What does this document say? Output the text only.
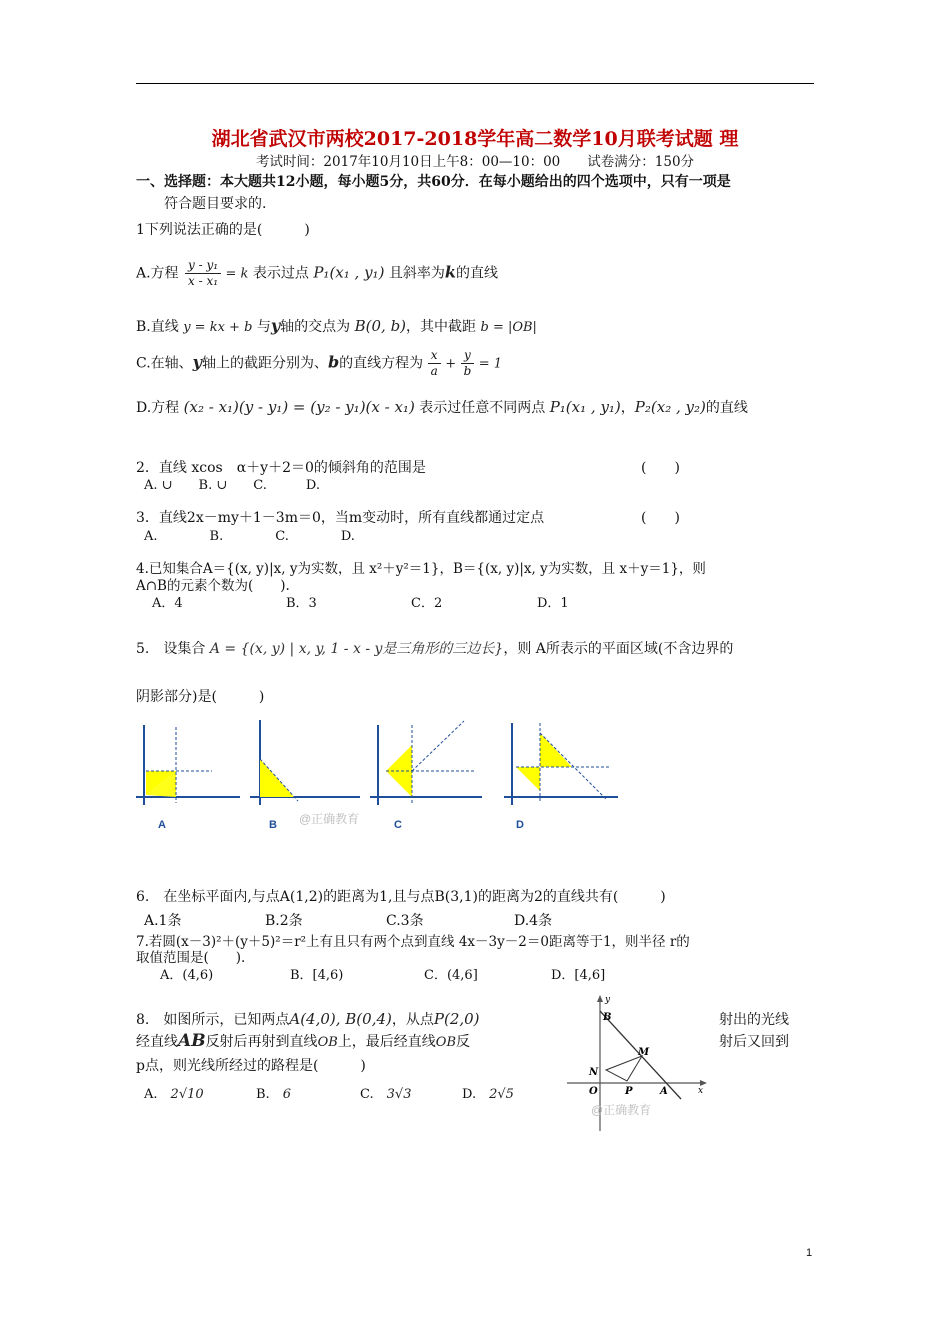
湖北省武汉市两校2017-2018学年高二数学10月联考试题 理
考试时间：2017年10月10日上午8：00—10：00　　试卷满分：150分
一、选择题：本大题共12小题，每小题5分，共60分．在每小题给出的四个选项中，只有一项是
符合题目要求的.
1下列说法正确的是(　　　)
A.方程 $\frac{\text{y - y₁}}{\text{x - x₁}} = k$ 表示过点 P₁(x₁ , y₁) 且斜率为k的直线
B.直线 y = kx + b 与y轴的交点为 B(0, b)，其中截距 b = |OB|
C.在轴、y轴上的截距分别为、b的直线方程为 $\frac{x}{a} + \frac{y}{b} = 1$
D.方程 (x₂ - x₁)(y - y₁) = (y₂ - y₁)(x - x₁) 表示过任意不同两点 P₁(x₁ , y₁)，P₂(x₂ , y₂)的直线
2．直线 xcos　α＋y＋2＝0的倾斜角的范围是	(　　)
A. ∪　　B. ∪　　C.　　　D.
3．直线2x－my＋1－3m＝0，当m变动时，所有直线都通过定点	(　　)
A.　　　　B.　　　　C.　　　　D.
4.已知集合A＝{(x, y)|x, y为实数，且 x²＋y²＝1}，B＝{(x, y)|x, y为实数，且 x＋y＝1}，则
A∩B的元素个数为(　　).
A．4	B．3	C．2	D．1
5.　设集合 A = {(x, y) | x, y, 1 - x - y是三角形的三边长}，则 A所表示的平面区域(不含边界的
阴影部分)是(　　　)
A	B @正确教育	C	D
6.　在坐标平面内,与点A(1,2)的距离为1,且与点B(3,1)的距离为2的直线共有(　　　)
A.1条	B.2条	C.3条	D.4条
7.若圆(x－3)²＋(y＋5)²＝r²上有且只有两个点到直线 4x－3y－2＝0距离等于1，则半径 r的
取值范围是(　　).
A．(4,6)	B．[4,6)	C．(4,6]	D．[4,6]
8.　如图所示，已知两点A(4,0), B(0,4)，从点P(2,0)	射出的光线
经直线AB反射后再射到直线OB上，最后经直线OB反	射后又回到
p点，则光线所经过的路程是(　　　)
A.　 2√10	B.　 6	C.　 3√3	D.　 2√5
y
x
B
M
N
O	P	A
@正确教育
1
